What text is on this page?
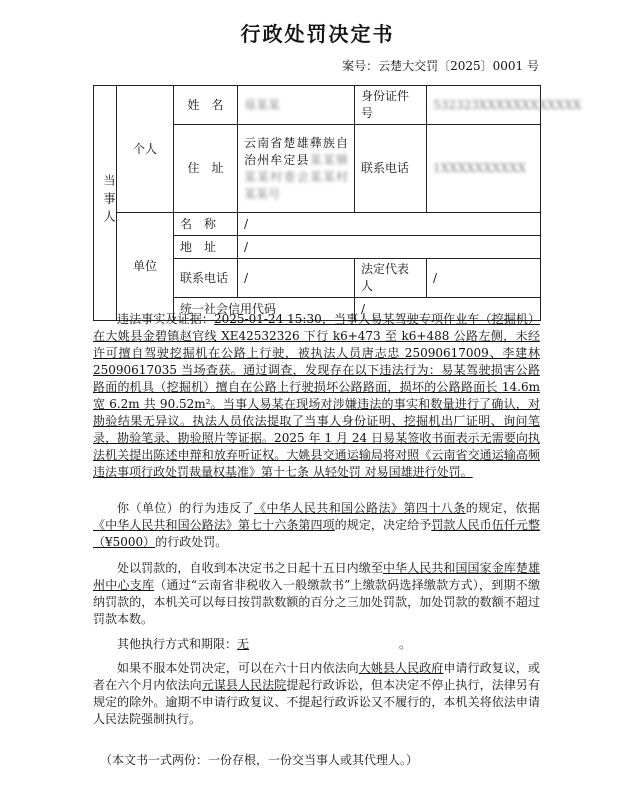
行政处罚决定书
案号：云楚大交罚〔2025〕0001 号
当事人	个人	姓　名	易某某	身份证件号	532323XXXXXXXXXXXX
		住　址	云南省楚雄彝族自治州牟定县某某镇某某村委会某某村某某号	联系电话	1XXXXXXXXXX
	单位	名　称	/		
		地　址	/		
		联系电话	/	法定代表人	/
		统一社会信用代码		/	

违法事实及证据：2025-01-24 15:30，当事人易某驾驶专项作业车（挖掘机）在大姚县金碧镇赵官线 XE42532326 下行 k6+473 至 k6+488 公路左侧，未经许可擅自驾驶挖掘机在公路上行驶，被执法人员唐志忠 25090617009、李建林 25090617035 当场查获。通过调查，发现存在以下违法行为：易某驾驶损害公路路面的机具（挖掘机）擅自在公路上行驶损坏公路路面，损坏的公路路面长 14.6m 宽 6.2m 共 90.52m²。当事人易某在现场对涉嫌违法的事实和数量进行了确认，对勘验结果无异议。执法人员依法提取了当事人身份证明、挖掘机出厂证明、询问笔录，勘验笔录、勘验照片等证据。2025 年 1 月 24 日易某签收书面表示无需要向执法机关提出陈述申辩和放弃听证权。大姚县交通运输局将对照《云南省交通运输高频违法事项行政处罚裁量权基准》第十七条 从轻处罚 对易国雄进行处罚。

你（单位）的行为违反了《中华人民共和国公路法》第四十八条的规定，依据《中华人民共和国公路法》第七十六条第四项的规定，决定给予罚款人民币伍仟元整（¥5000）的行政处罚。

处以罚款的，自收到本决定书之日起十五日内缴至中华人民共和国国家金库楚雄州中心支库（通过“云南省非税收入一般缴款书”上缴款码选择缴款方式），到期不缴纳罚款的，本机关可以每日按罚款数额的百分之三加处罚款，加处罚款的数额不超过罚款本数。

其他执行方式和期限：无	。

如果不服本处罚决定，可以在六十日内依法向大姚县人民政府申请行政复议，或者在六个月内依法向元谋县人民法院提起行政诉讼，但本决定不停止执行，法律另有规定的除外。逾期不申请行政复议、不提起行政诉讼又不履行的，本机关将依法申请人民法院强制执行。

（本文书一式两份：一份存根，一份交当事人或其代理人。）
